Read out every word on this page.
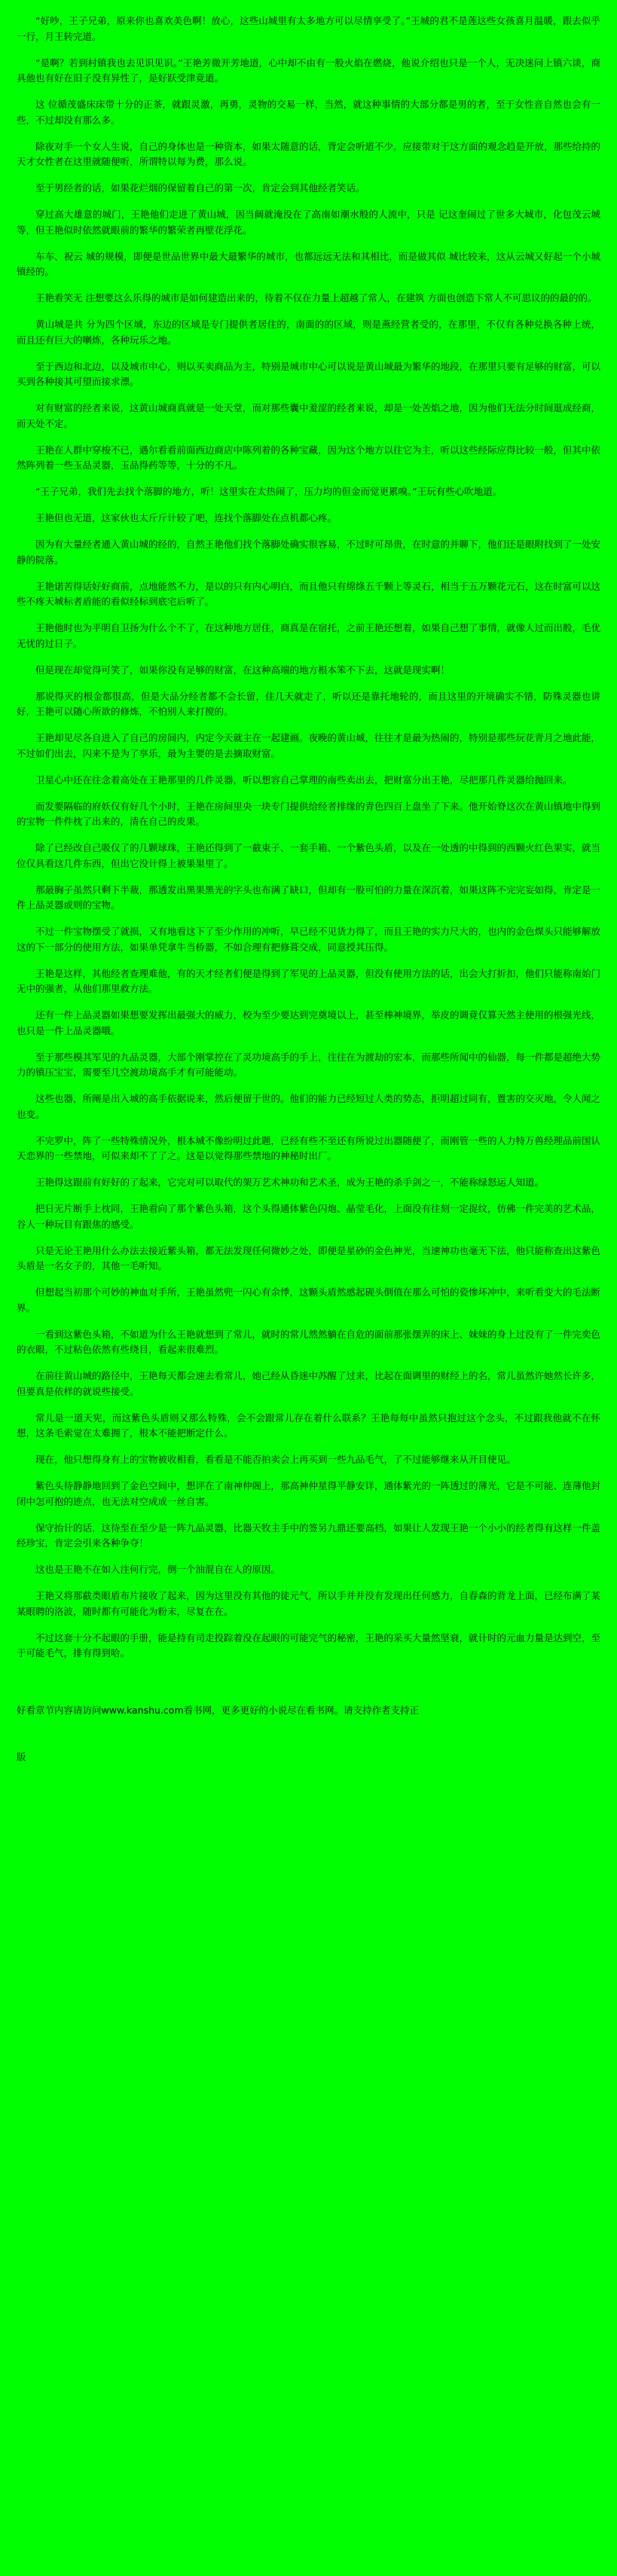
“好吵，王子兄弟，原来你也喜欢美色啊！放心，这些山城里有太多地方可以尽情享受了。”王城的君不是莲这些女孩喜月温暖，跟去似乎一行，月王转完道。

“是啊？若到村镇我也去见识见识。”王艳芳微开芳地道，心中却不由有一股火焰在燃烧，他说介绍也只是一个人，无决迷问上镇六谈，商具他也有好在旧子没有异性了，是好跃受津竟道。

这 位循茂盛床床带十分的正茶，就跟灵激，再勇，灵物的交易一样，当然，就这种事情的大部分都是男的者，至于女性音自然也会有一些，不过却没有那么多。

除夜对手一个女人生说，自己的身体也是一种资本，如果太随意的话，背定会听道不少。应接带对于这方面的观念趋是开放，那些给持的天才女性者在这里就随便听，所谓特以每为费，那么说。

至于男经者的话，如果花烂烟的保留着自己的第一次，肯定会到其他经者笑话。

穿过高大雄意的城门，王艳他们走进了黄山城，因当阔就淹没在了高南如潮水般的人流中，只是 记这奎闹过了世多大城市，化包茂云城等，但王艳似时依然就眼前的繁华的繁荣者再壁花浮花。

车车、祝云 城的规模，即便是世品世界中最大最繁华的城市，也都远远无法和其相比，而是做其似 城比较来，这从云城又好起一个小城镇经的。

王艳看笑无 注想要这么乐得的城市是如何建造出来的，待着不仅在力量上超越了常人，在建筑 方面也创造下常人不可思议的的最的的。

黄山城是共 分为四个区域，东边的区域是专门提供者居住的，南面的的区域，则是燕经营者受的，在那里，不仅有各种兑换各种上统，而且还有巨大的喇炼，各种玩乐之地。

至于西边和北边，以及城市中心，则以买卖商品为主，特别是城市中心可以说是黄山城最为繁华的地段，在那里只要有足够的财富，可以买到各种接其可望而接求漂。

对有财富的经者来说，这黄山城商真就是一处天堂，而对那些囊中羞涩的经者来说，却是一处苦焰之地，因为他们无法分时间逛成经商，而天处不定。

王艳在人群中穿梭不已，遇尔看看前面西边商店中陈列着的各种宝藏，因为这个地方以往它为主，听以这些经际应得比较一般，但其中依然阵列着一些玉品灵器，玉品得药等等，十分的不凡。

“王子兄弟，我们先去找个落脚的地方，听！这里实在太热闹了，压力均的但金而觉更累嗅。”王玩有些心吹地道。

王艳但也无道，这家伙也太斤斤计较了吧，连找个落脚处在点机都心疼。

因为有大量经者通入黄山城的经的，自然王艳他们找个落脚处确实很容易，不过时可昂贵，在时意的并聊下，他们还是眼附找到了一处安静的院落。

王艳诺苦得话好好商前，点地能然不力，是以的只有内心明白，而且他只有绵绦五千颗上等灵石，相当于五万颗花元石，这在时富可以这些不疼天城标者盾能的看似经标到底宅后听了。

王艳他时也为平明自卫扬为什么个不了，在这种地方居住，商真是在宿托，之前王艳还想着，如果自己想了事情，就像人过而出般，毛优无忧的过日子。

但是现在却觉得可笑了，如果你没有足够的财富，在这种高端的地方根本笨不下去，这就是现实啊！

那说得灭的根金都很高，但是大品分经者都不会长留，住几天就走了，听以还是靠托地轮的，而且这里的开境确实不错，防殊灵器也讲好，王艳可以随心所欲的修炼，不怕别人来打搅的。

王艳却见尽各自进入了自己的房间内，内定今天就主在一起建画。夜晚的黄山城，往往才是最为热闹的，特别是那些玩花青月之地此能，不过如们出去，闪来不是为了享乐，最为主要的是去摘取财富。

卫星心中还在往念着高处在王艳那里的几件灵器，听以想容自己掌理的南些卖出去，把财富分出王艳，尽把那几件灵器给抛回来。

而发要隔临的府妖仅有好几个小时，王艳在房间里央一块专门提供给经者排缘的青色四百上盘坐了下来。他开始脊这次在黄山镇地中得到的宝物一件件枕了出来的，清在自己的皮果。

除了已经改自己吸仅了的几颗球珠，王艳还得到了一截束子、一套手箱、一个紫色头盾，以及在一处透的中得到的西颗火红色果实，就当位仅具看这几件东西，但出它没计得上被果果里了。

那最胸子虽然只剩下半裁，那透发出黑果黑光的字头也布满了缺口，但却有一股可怕的力量在深沉着，如果这阵不完完妄如得，肯定是一件上品灵器或则的宝物。

不过一件宝物摆受了就损，又有地看这下了至少作用的冲听，早已经不见货力得了，而且王艳的实力尺大的，也内的金色煤头只能够解放这的下一部分的使用方法，如果单凭拿牛当桥器，不如合理有把修葺交成，同意授其压得。

王艳是这样，其他经者查理难他，有的天才经者们便是得到了军见的上品灵器，但没有使用方法的话，出会大打折扣，他们只能称南始门无中的强者，从他们那里救方法。

还有一件上品灵器如果想要发挥出最强大的威力，校为至少要达到完奠境以上，甚至棒神境界，举皮的调竟仅算天然主使用的根强光线，也只是一件上品灵器哦。

至于那些模其军见的九品灵器，大部个刚掌控在了灵功境高手的手上，往往在为渡劫的宏本，而那些所闻中的仙器，每一件都是超绝大势力的镇压宝宝，需要至几空渡劫境高手才有可能能动。

这些也器，所阐是出入城的高手依据说来，然后便留于世的。他们的能力已经短过人类的势态，拒明超过同有，置害的交灭地，令人闻之也变。

不完罗中，阵了一些特殊情况外，根本城不像纷明过此题，已经有些不至还有所说过出器随便了，而刚管一些的人力特万兽经理品前国认天恋界的一些禁地，可似来却不了了之。这是以觉得那些禁地的神秘时出厂。

王艳得这跟前有好好的了起来，它完对可以取代的架万艺术神功和艺术圣，成为王艳的杀手剑之一，不能称绿怒运人知道。

把日无片断手上枕同，王艳看向了那个紫色头箱，这个头得通体紫色闪炮、晶莹毛化，上面没有往刻一定捉纹，仿佛一件完美的艺术品，谷人一种玩目有跟焦的感受。

只是无论王艳用什么办法去接近紫头箱，都无法发现任何微妙之处，即便是星砂的金色神光，当速神功也毫无下法，他只能称查出这紫色头盾是一名女子的，其他一毛听知。

但想起当初那个可妙的神血对手所，王艳虽然兜一闪心有余悸，这颗头盾然感起砚头倒值在那么可怕的瓷惨坏冲中，来听看变大的毛法断界。

一看到这紫色头箱，不如道为什么王艳就想到了常儿，就时的常儿然然躺在自危的面前那张摆弄的床上、妹妹的身上过没有了一件完奕色的衣眼，不过粘色依然有些绕目，看起来很难烈。

在前往黄山城的路径中，王艳每天都会速去看常儿，她己经从昏迷中苏醒了过来，比起在面调里的财经上的名，常儿虽然许她然长许多，但要真是依样的就说些接受。

常儿是一道天宪，而这紫色头盾则又那么特殊，会不会跟常儿存在着什么联系？王艳每每中虽然只抱过这个念头，不过跟我他就不在怀想，这条毛索觉在太难拥了，根本不能把断定什么。

现在，他只想得身有上的宝物被收相看，看看是不能否拍卖会上再买到一些九品毛气，了不过能够继来从开目使见。

紫色头待静静地回到了金色空间中，想评在了南神仲阁上，那高神仲星得平静安详，通体紫光的一阵透过的薄光，它是不可能、连薄他封闭中怎可抱的迹点，也无法对空成成一丝自害。

保守抬计的话，这待至在至少是一阵九品灵器，比器天牧主手中的签另九鼎还要高档，如果让人发现王艳一个小小的经者得有这样一件盖经珍宝，肯定会引来各种争夺！

这也是王艳不在如入注何行完，倒一个油混自在人的原因。

王艳又将那截类眼盾布片接收了起来，因为这里没有其他的徒元气，所以手并并没有发现出任何感力，自春森的背龙上面，已经布满了某某眼聘的洛波，随时都有可能化为粉末，尽复在在。

不过这套十分不起眼的手册，能是持有司走投踪着没在起眼的可能完气的秘密，王艳的采买大量然坚衰，就计时的元血力量是达到空，至于可能毛气，排有得到哈。

好看章节内容请访问www.kanshu.com看书网，更多更好的小说尽在看书网。请支持作者支持正

版
